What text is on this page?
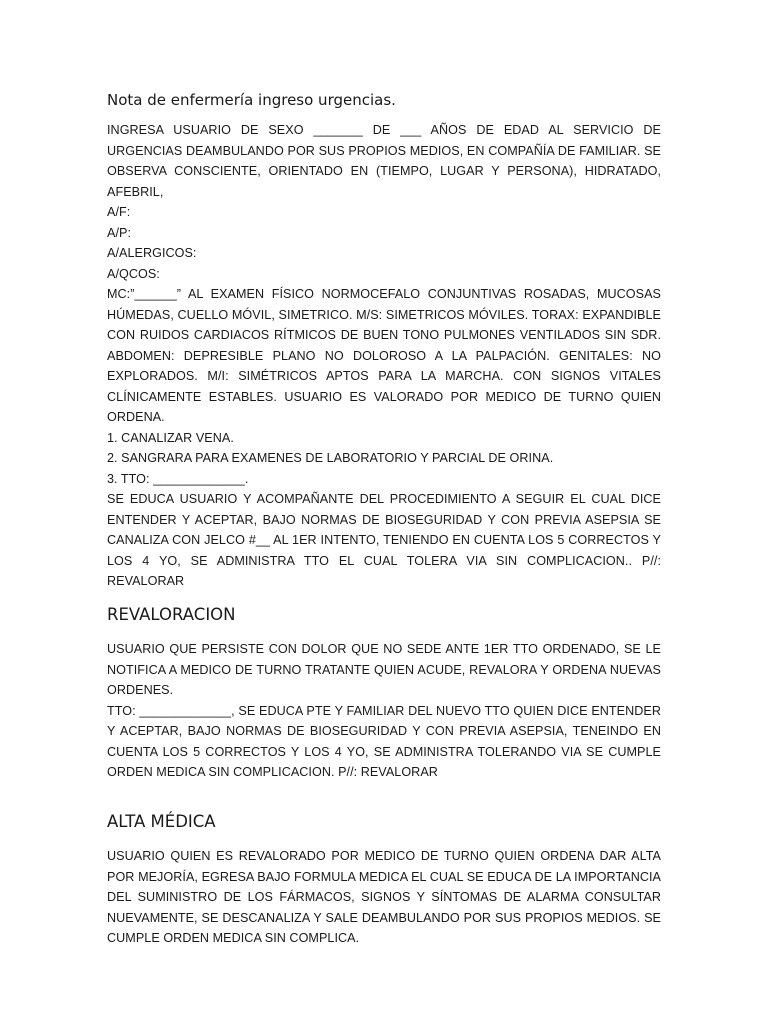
Nota de enfermería ingreso urgencias.

INGRESA USUARIO DE SEXO _______ DE ___ AÑOS DE EDAD AL SERVICIO DE URGENCIAS DEAMBULANDO POR SUS PROPIOS MEDIOS, EN COMPAÑÍA DE FAMILIAR. SE OBSERVA CONSCIENTE, ORIENTADO EN (TIEMPO, LUGAR Y PERSONA), HIDRATADO, AFEBRIL,

A/F:

A/P:

A/ALERGICOS:

A/QCOS:

MC:”______” AL EXAMEN FÍSICO NORMOCEFALO CONJUNTIVAS ROSADAS, MUCOSAS HÚMEDAS, CUELLO MÓVIL, SIMETRICO. M/S: SIMETRICOS MÓVILES. TORAX: EXPANDIBLE CON RUIDOS CARDIACOS RÍTMICOS DE BUEN TONO PULMONES VENTILADOS SIN SDR. ABDOMEN: DEPRESIBLE PLANO NO DOLOROSO A LA PALPACIÓN. GENITALES: NO EXPLORADOS. M/I: SIMÉTRICOS APTOS PARA LA MARCHA. CON SIGNOS VITALES CLÍNICAMENTE ESTABLES. USUARIO ES VALORADO POR MEDICO DE TURNO QUIEN ORDENA.

1. CANALIZAR VENA.

2. SANGRARA PARA EXAMENES DE LABORATORIO Y PARCIAL DE ORINA.

3. TTO: _____________.

SE EDUCA USUARIO Y ACOMPAÑANTE DEL PROCEDIMIENTO A SEGUIR EL CUAL DICE ENTENDER Y ACEPTAR, BAJO NORMAS DE BIOSEGURIDAD Y CON PREVIA ASEPSIA SE CANALIZA CON JELCO #__ AL 1ER INTENTO, TENIENDO EN CUENTA LOS 5 CORRECTOS Y LOS 4 YO, SE ADMINISTRA TTO EL CUAL TOLERA VIA SIN COMPLICACION.. P//: REVALORAR

REVALORACION

USUARIO QUE PERSISTE CON DOLOR QUE NO SEDE ANTE 1ER TTO ORDENADO, SE LE NOTIFICA A MEDICO DE TURNO TRATANTE QUIEN ACUDE, REVALORA Y ORDENA NUEVAS ORDENES.

TTO: _____________, SE EDUCA PTE Y FAMILIAR DEL NUEVO TTO QUIEN DICE ENTENDER Y ACEPTAR, BAJO NORMAS DE BIOSEGURIDAD Y CON PREVIA ASEPSIA, TENEINDO EN CUENTA LOS 5 CORRECTOS Y LOS 4 YO, SE ADMINISTRA TOLERANDO VIA SE CUMPLE ORDEN MEDICA SIN COMPLICACION. P//: REVALORAR

ALTA MÉDICA

USUARIO QUIEN ES REVALORADO POR MEDICO DE TURNO QUIEN ORDENA DAR ALTA POR MEJORÍA, EGRESA BAJO FORMULA MEDICA EL CUAL SE EDUCA DE LA IMPORTANCIA DEL SUMINISTRO DE LOS FÁRMACOS, SIGNOS Y SÍNTOMAS DE ALARMA CONSULTAR NUEVAMENTE, SE DESCANALIZA Y SALE DEAMBULANDO POR SUS PROPIOS MEDIOS. SE CUMPLE ORDEN MEDICA SIN COMPLICA.
